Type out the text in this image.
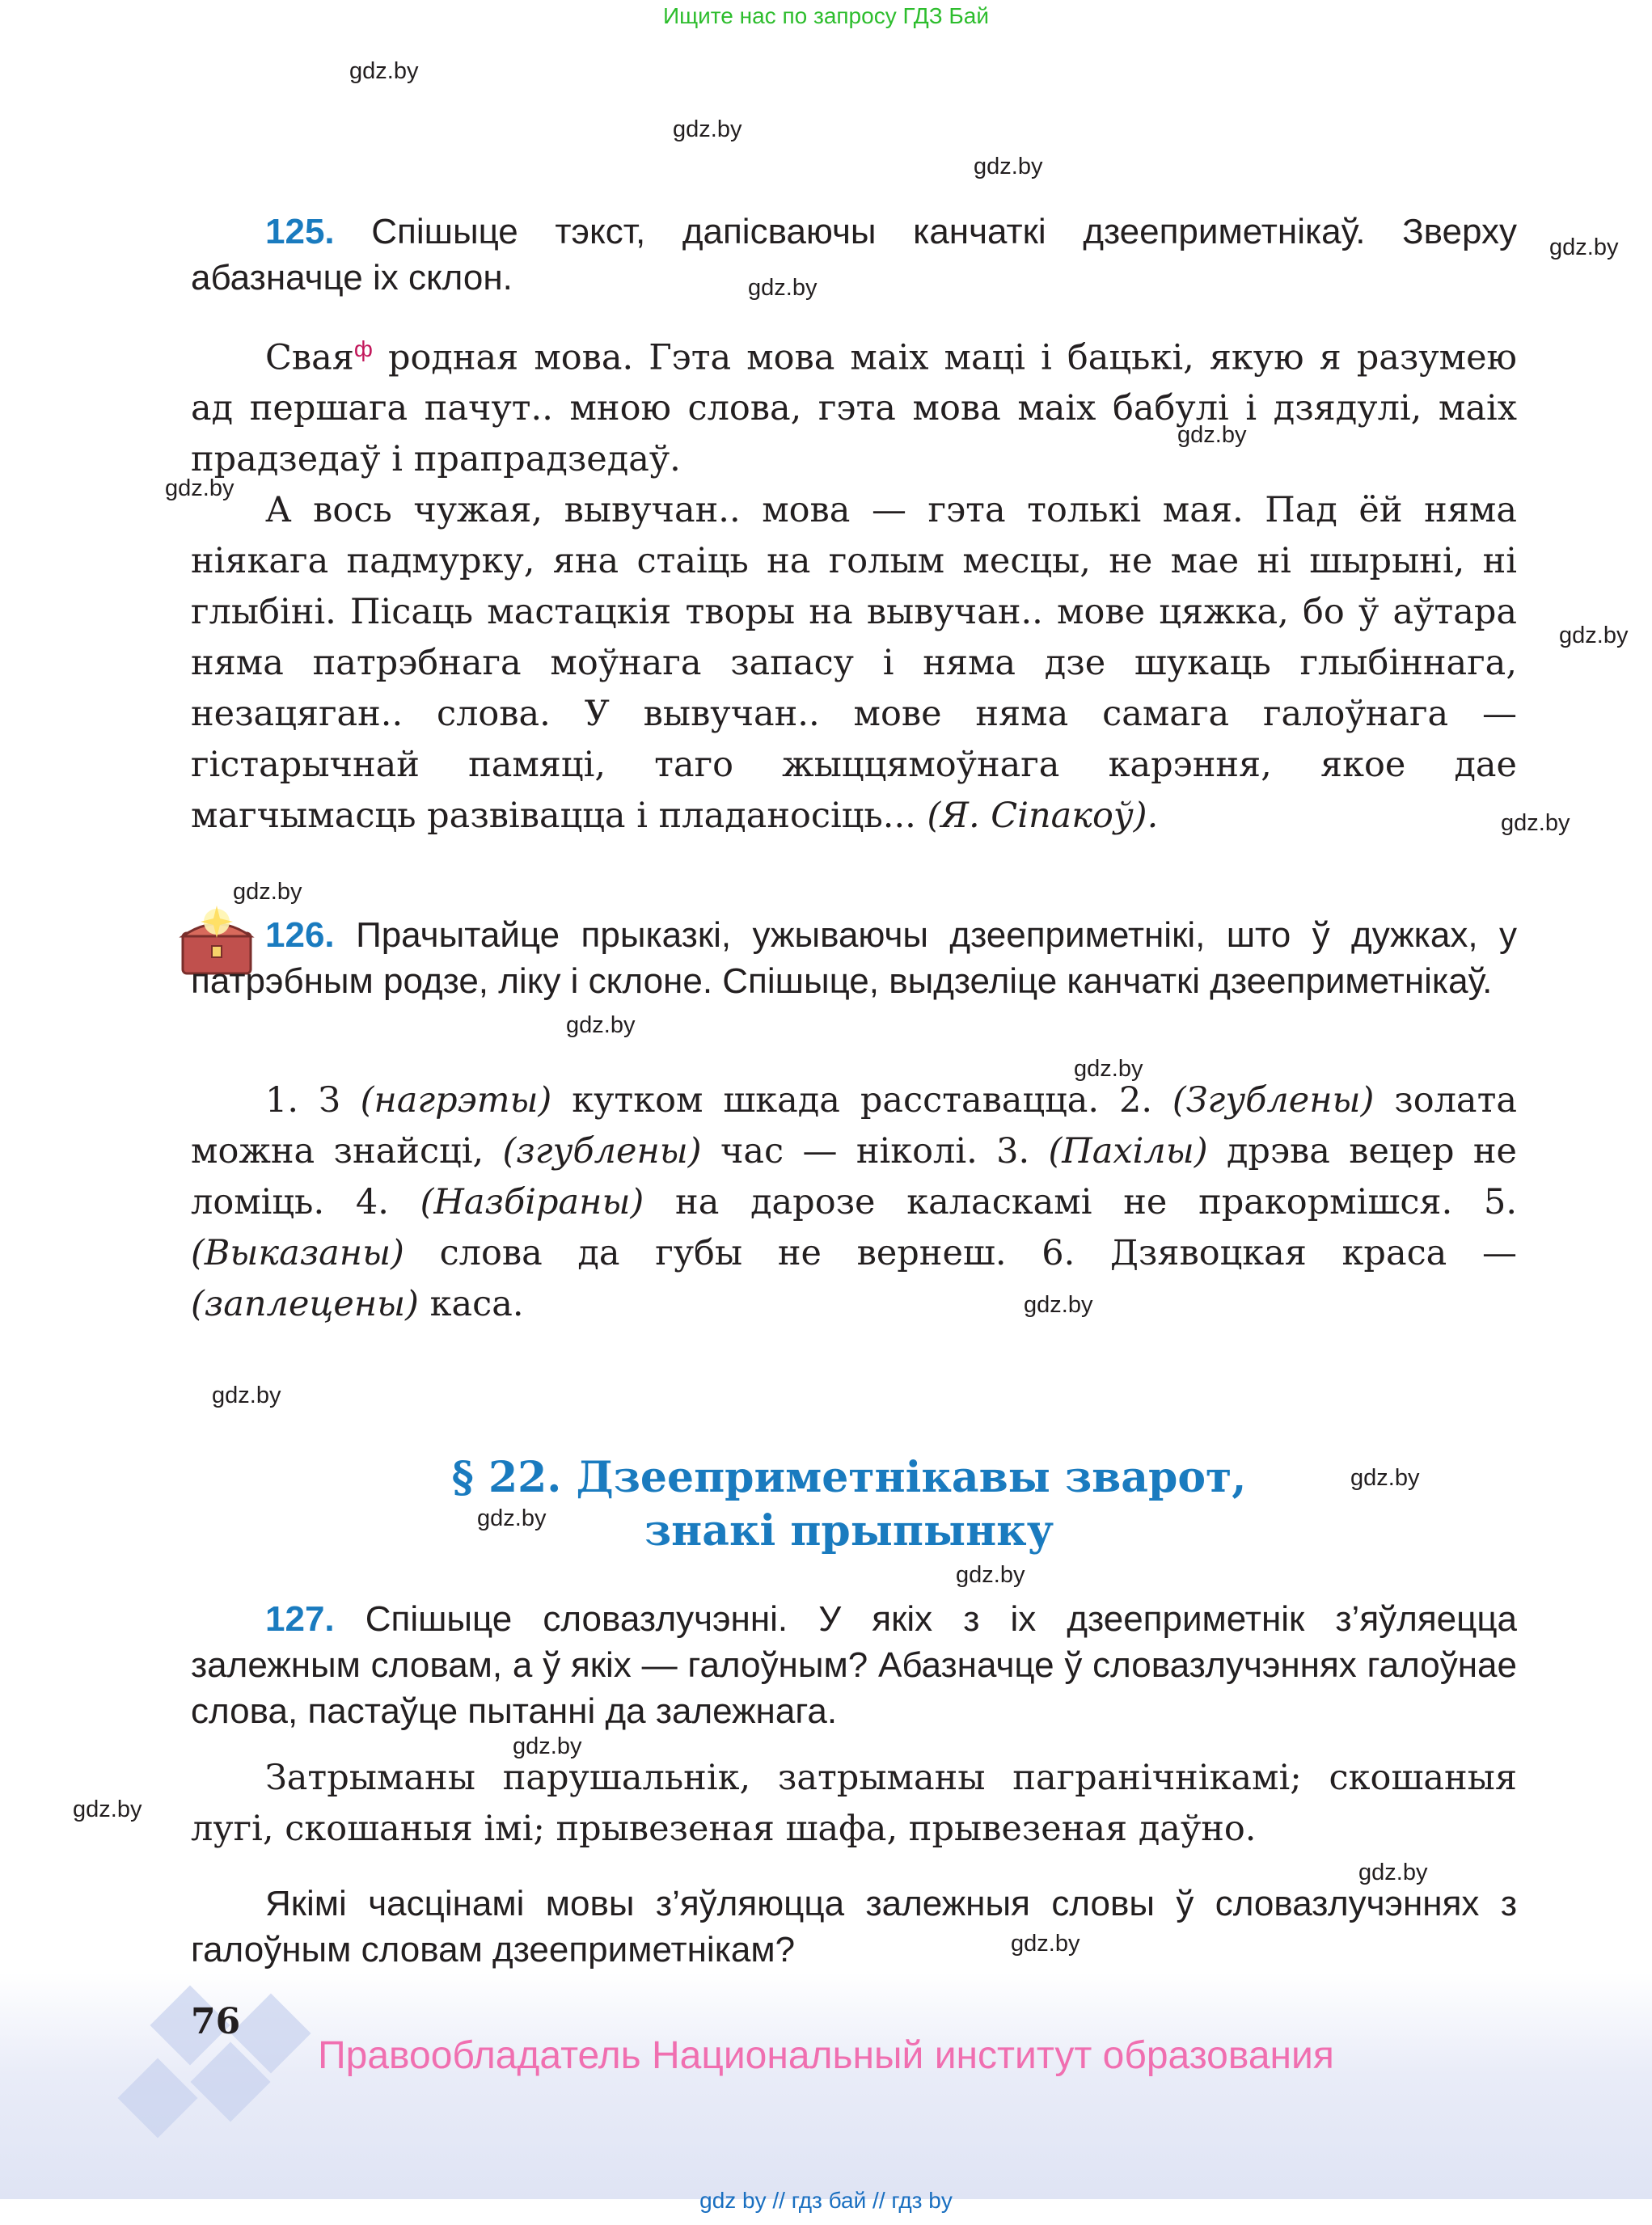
Ищите нас по запросу ГДЗ Бай
gdz.by
gdz.by
gdz.by
gdz.by
gdz.by
gdz.by
gdz.by
gdz.by
gdz.by
gdz.by
gdz.by
gdz.by
gdz.by
gdz.by
gdz.by
gdz.by
gdz.by
gdz.by
gdz.by
gdz.by
gdz.by
125. Спішыце тэкст, дапісваючы канчаткі дзееприметнікаў. Зверху абазначце іх склон.
Свая$^ф$ родная мова. Гэта мова маіх маці і бацькі, якую я разумею ад першага пачут.. мною слова, гэта мова маіх бабулі і дзядулі, маіх прадзедаў і прапрадзедаў.
А вось чужая, вывучан.. мова — гэта толькі мая. Пад ёй няма ніякага падмурку, яна стаіць на голым месцы, не мае ні шырыні, ні глыбіні. Пісаць мастацкія творы на вывучан.. мове цяжка, бо ў аўтара няма патрэбнага моўнага запасу і няма дзе шукаць глыбіннага, незацяган.. слова. У вывучан.. мове няма самага галоўнага — гістарычнай памяці, таго жыццямоўнага карэння, якое дае магчымасць развівацца і пладаносіць... (Я. Сіпакоў).
126. Прачытайце прыказкі, ужываючы дзееприметнікі, што ў дужках, у патрэбным родзе, ліку і склоне. Спішыце, выдзеліце канчаткі дзееприметнікаў.
1. З (нагрэты) кутком шкада расставацца. 2. (Згублены) золата можна знайсці, (згублены) час — ніколі. 3. (Пахілы) дрэва вецер не ломіць. 4. (Назбіраны) на дарозе каласкамі не пракормішся. 5. (Выказаны) слова да губы не вернеш. 6. Дзявоцкая краса — (заплецены) каса.
§ 22. Дзееприметнікавы зварот,
знакі прыпынку
127. Спішыце словазлучэнні. У якіх з іх дзееприметнік з’яўляецца залежным словам, а ў якіх — галоўным? Абазначце ў словазлучэннях галоўнае слова, пастаўце пытанні да залежнага.
Затрыманы парушальнік, затрыманы пагранічнікамі; скошаныя лугі, скошаныя імі; прывезеная шафа, прывезеная даўно.
Якімі часцінамі мовы з’яўляюцца залежныя словы ў словазлучэннях з галоўным словам дзееприметнікам?
76
Правообладатель Национальный институт образования
gdz by // гдз бай // гдз by
